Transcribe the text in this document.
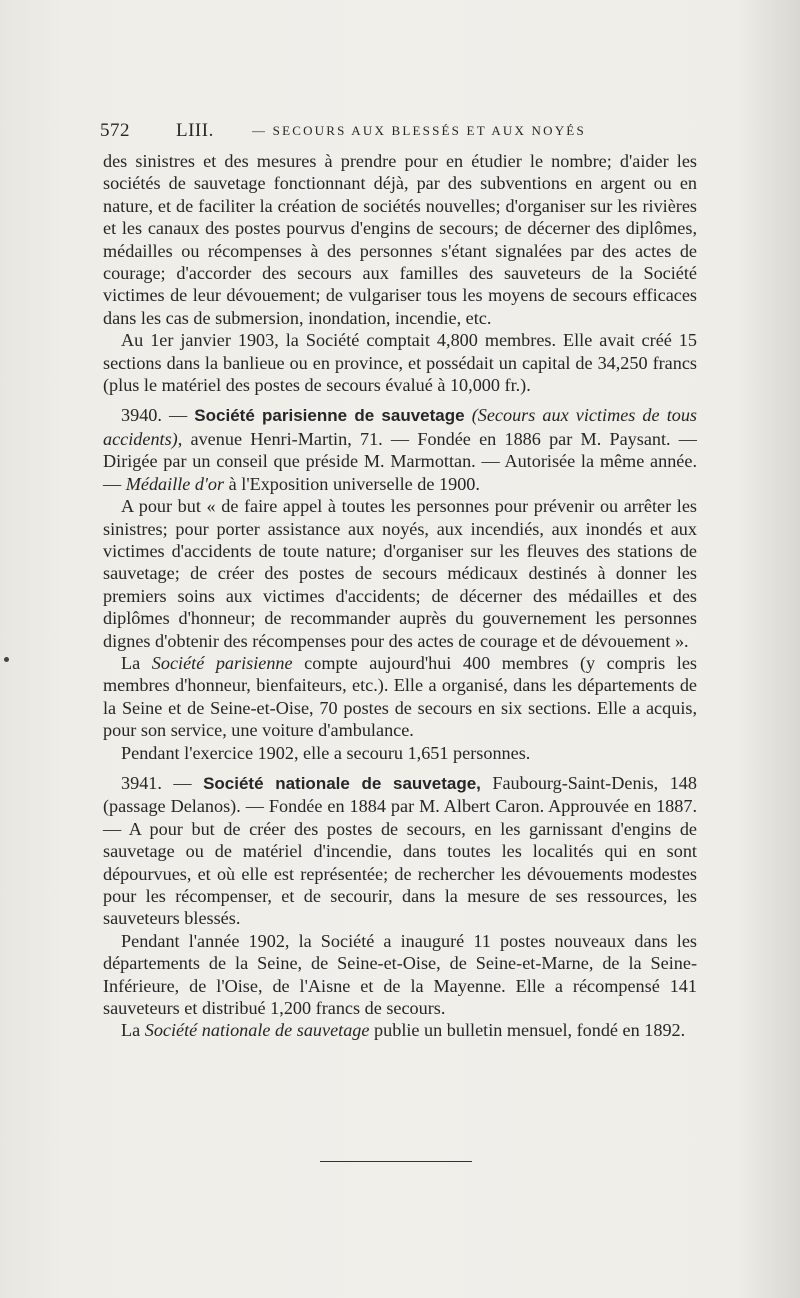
572 LIII.	— SECOURS AUX BLESSÉS ET AUX NOYÉS

des sinistres et des mesures à prendre pour en étudier le nombre; d'aider les sociétés de sauvetage fonctionnant déjà, par des subventions en argent ou en nature, et de faciliter la création de sociétés nouvelles; d'organiser sur les rivières et les canaux des postes pourvus d'engins de secours; de décerner des diplômes, médailles ou récompenses à des personnes s'étant signalées par des actes de courage; d'accorder des secours aux familles des sauveteurs de la Société victimes de leur dévouement; de vulgariser tous les moyens de secours efficaces dans les cas de submersion, inondation, incendie, etc.

Au 1er janvier 1903, la Société comptait 4,800 membres. Elle avait créé 15 sections dans la banlieue ou en province, et possédait un capital de 34,250 francs (plus le matériel des postes de secours évalué à 10,000 fr.).

3940. — Société parisienne de sauvetage (Secours aux victimes de tous accidents), avenue Henri-Martin, 71. — Fondée en 1886 par M. Paysant. — Dirigée par un conseil que préside M. Marmottan. — Autorisée la même année. — Médaille d'or à l'Exposition universelle de 1900.

A pour but « de faire appel à toutes les personnes pour prévenir ou arrêter les sinistres; pour porter assistance aux noyés, aux incendiés, aux inondés et aux victimes d'accidents de toute nature; d'organiser sur les fleuves des stations de sauvetage; de créer des postes de secours médicaux destinés à donner les premiers soins aux victimes d'accidents; de décerner des médailles et des diplômes d'honneur; de recommander auprès du gouvernement les personnes dignes d'obtenir des récompenses pour des actes de courage et de dévouement ».

La Société parisienne compte aujourd'hui 400 membres (y compris les membres d'honneur, bienfaiteurs, etc.). Elle a organisé, dans les départements de la Seine et de Seine-et-Oise, 70 postes de secours en six sections. Elle a acquis, pour son service, une voiture d'ambulance.

Pendant l'exercice 1902, elle a secouru 1,651 personnes.

3941. — Société nationale de sauvetage, Faubourg-Saint-Denis, 148 (passage Delanos). — Fondée en 1884 par M. Albert Caron. Approuvée en 1887. — A pour but de créer des postes de secours, en les garnissant d'engins de sauvetage ou de matériel d'incendie, dans toutes les localités qui en sont dépourvues, et où elle est représentée; de rechercher les dévouements modestes pour les récompenser, et de secourir, dans la mesure de ses ressources, les sauveteurs blessés.

Pendant l'année 1902, la Société a inauguré 11 postes nouveaux dans les départements de la Seine, de Seine-et-Oise, de Seine-et-Marne, de la Seine-Inférieure, de l'Oise, de l'Aisne et de la Mayenne. Elle a récompensé 141 sauveteurs et distribué 1,200 francs de secours.

La Société nationale de sauvetage publie un bulletin mensuel, fondé en 1892.
